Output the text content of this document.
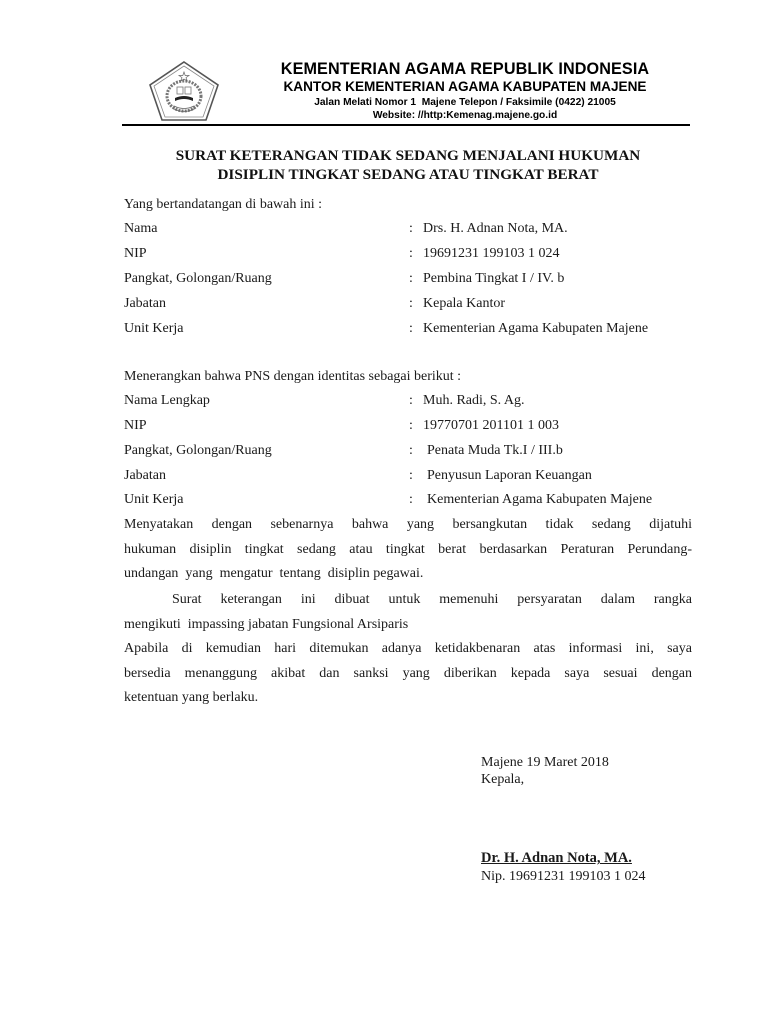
KEMENTERIAN AGAMA REPUBLIK INDONESIA
KANTOR KEMENTERIAN AGAMA KABUPATEN MAJENE
Jalan Melati Nomor 1  Majene Telepon / Faksimile (0422) 21005
Website: //http:Kemenag.majene.go.id
SURAT KETERANGAN TIDAK SEDANG MENJALANI HUKUMAN
DISIPLIN TINGKAT SEDANG ATAU TINGKAT BERAT
Yang bertandatangan di bawah ini :
Nama	: Drs. H. Adnan Nota, MA.
NIP	: 19691231 199103 1 024
Pangkat, Golongan/Ruang	: Pembina Tingkat I / IV. b
Jabatan	: Kepala Kantor
Unit Kerja	: Kementerian Agama Kabupaten Majene
Menerangkan bahwa PNS dengan identitas sebagai berikut :
Nama Lengkap	: Muh. Radi, S. Ag.
NIP	: 19770701 201101 1 003
Pangkat, Golongan/Ruang	: Penata Muda Tk.I / III.b
Jabatan	: Penyusun Laporan Keuangan
Unit Kerja	: Kementerian Agama Kabupaten Majene
Menyatakan dengan sebenarnya bahwa yang bersangkutan tidak sedang dijatuhi
hukuman disiplin tingkat sedang atau tingkat berat berdasarkan Peraturan Perundang-
undangan  yang  mengatur  tentang  disiplin pegawai.
Surat keterangan ini dibuat untuk memenuhi persyaratan dalam rangka
mengikuti  impassing jabatan Fungsional Arsiparis
Apabila di kemudian hari ditemukan adanya ketidakbenaran atas informasi ini, saya
bersedia menanggung akibat dan sanksi yang diberikan kepada saya sesuai dengan
ketentuan yang berlaku.
Majene 19 Maret 2018
Kepala,
Dr. H. Adnan Nota, MA.
Nip. 19691231 199103 1 024
